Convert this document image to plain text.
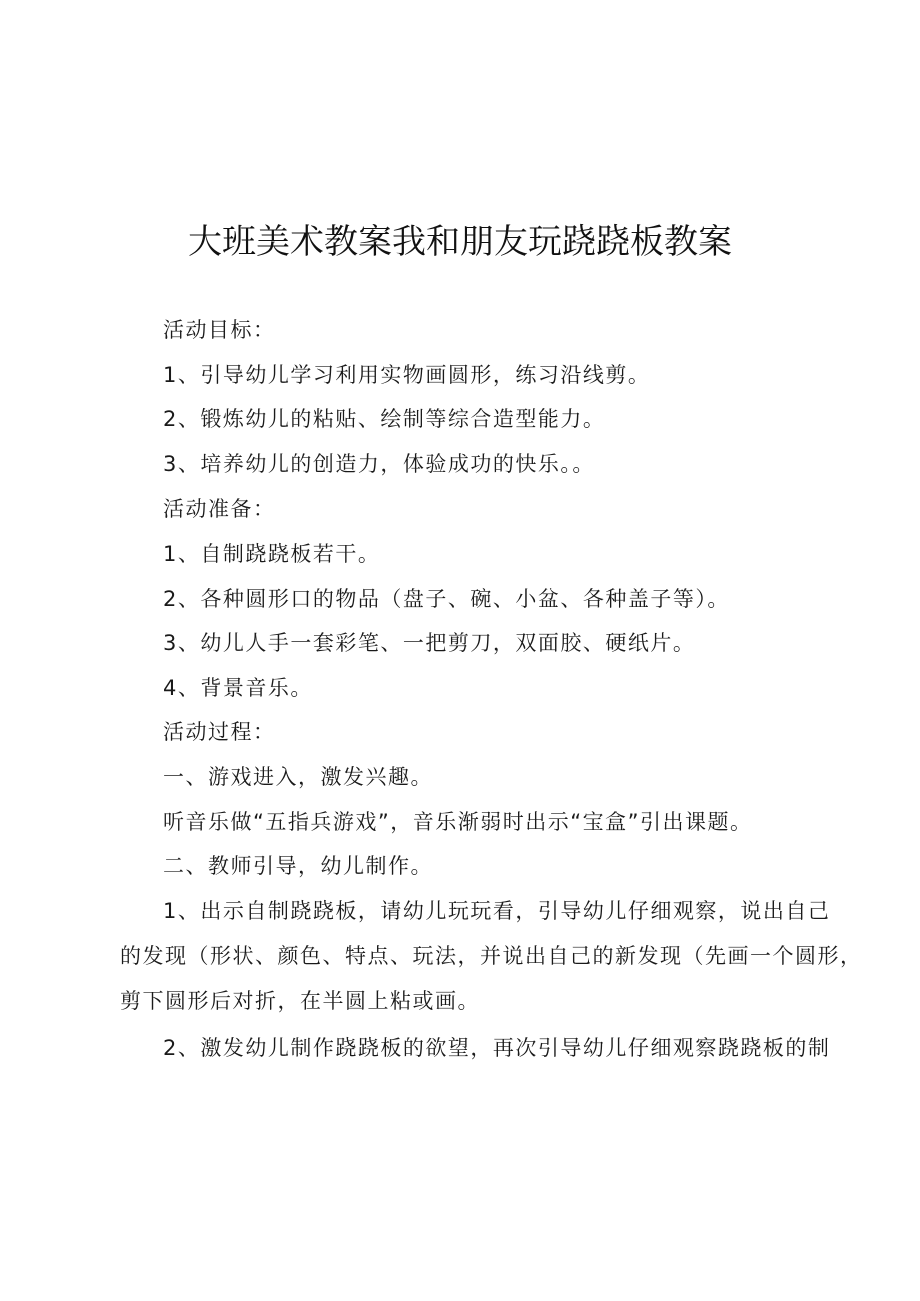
大班美术教案我和朋友玩跷跷板教案
活动目标：
1、引导幼儿学习利用实物画圆形，练习沿线剪。
2、锻炼幼儿的粘贴、绘制等综合造型能力。
3、培养幼儿的创造力，体验成功的快乐。。
活动准备：
1、自制跷跷板若干。
2、各种圆形口的物品（盘子、碗、小盆、各种盖子等）。
3、幼儿人手一套彩笔、一把剪刀，双面胶、硬纸片。
4、背景音乐。
活动过程：
一、游戏进入，激发兴趣。
听音乐做“五指兵游戏”，音乐渐弱时出示“宝盒”引出课题。
二、教师引导，幼儿制作。
1、出示自制跷跷板，请幼儿玩玩看，引导幼儿仔细观察，说出自己
的发现（形状、颜色、特点、玩法，并说出自己的新发现（先画一个圆形，
剪下圆形后对折，在半圆上粘或画。
2、激发幼儿制作跷跷板的欲望，再次引导幼儿仔细观察跷跷板的制
